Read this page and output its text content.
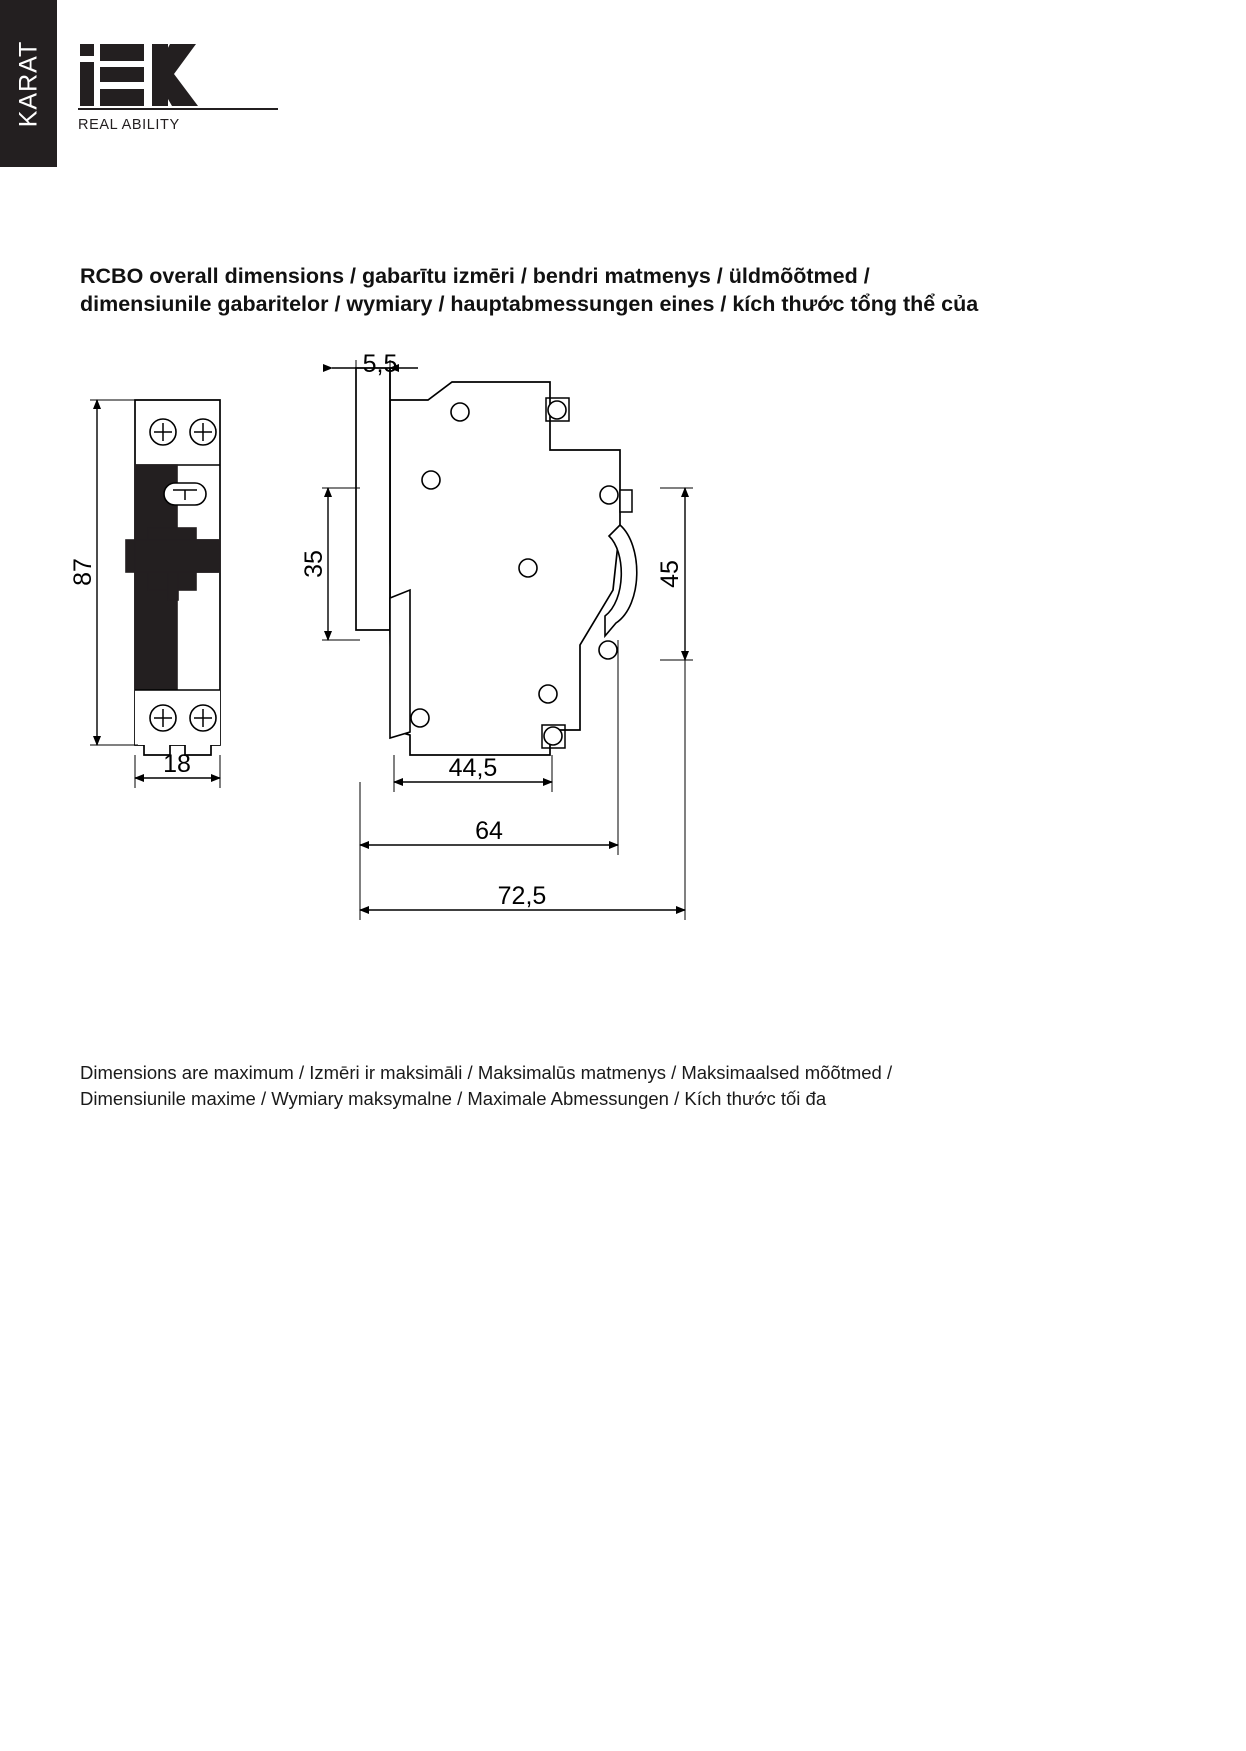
KARAT REAL ABILITY
RCBO overall dimensions / gabarītu izmēri / bendri matmenys / üldmõõtmed /
dimensiunile gabaritelor / wymiary / hauptabmessungen eines / kích thước tổng thể của
5,5
35	45
87
18	44,5
64
72,5
Dimensions are maximum / Izmēri ir maksimāli / Maksimalūs matmenys / Maksimaalsed mõõtmed /
Dimensiunile maxime / Wymiary maksymalne / Maximale Abmessungen / Kích thước tối đa
